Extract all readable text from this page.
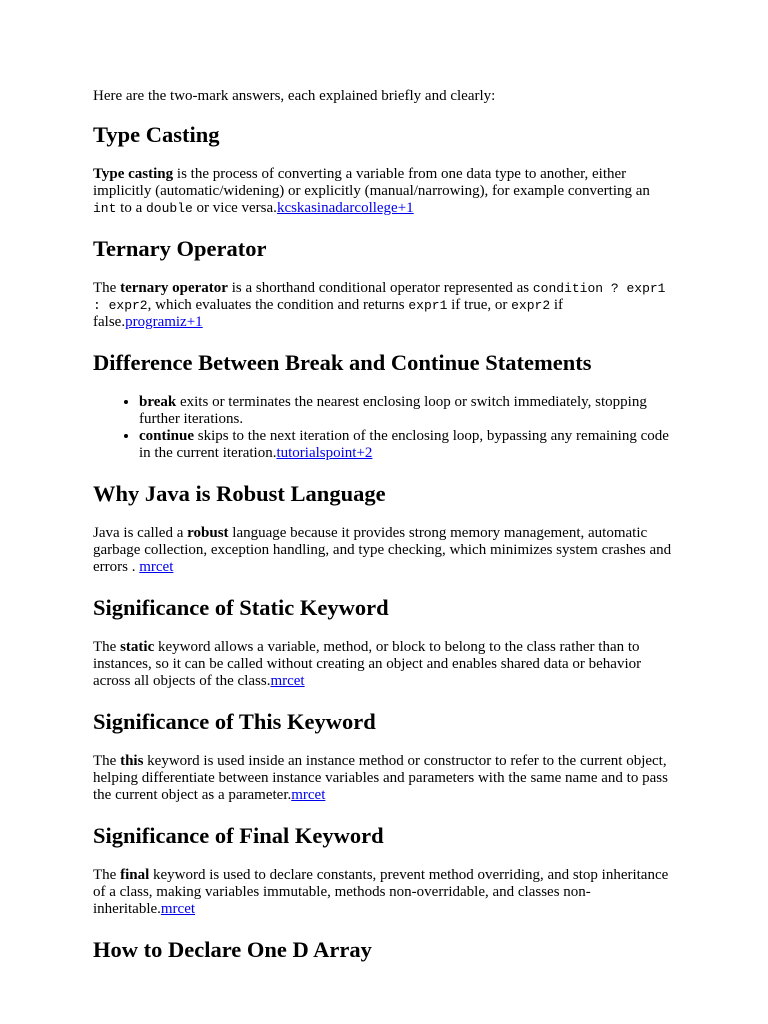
Here are the two-mark answers, each explained briefly and clearly:

Type Casting

Type casting is the process of converting a variable from one data type to another, either implicitly (automatic/widening) or explicitly (manual/narrowing), for example converting an int to a double or vice versa.kcskasinadarcollege+1

Ternary Operator

The ternary operator is a shorthand conditional operator represented as condition ? expr1 : expr2, which evaluates the condition and returns expr1 if true, or expr2 if false.programiz+1

Difference Between Break and Continue Statements
• break exits or terminates the nearest enclosing loop or switch immediately, stopping further iterations.
• continue skips to the next iteration of the enclosing loop, bypassing any remaining code in the current iteration.tutorialspoint+2
Why Java is Robust Language

Java is called a robust language because it provides strong memory management, automatic garbage collection, exception handling, and type checking, which minimizes system crashes and errors . mrcet

Significance of Static Keyword

The static keyword allows a variable, method, or block to belong to the class rather than to instances, so it can be called without creating an object and enables shared data or behavior across all objects of the class.mrcet

Significance of This Keyword

The this keyword is used inside an instance method or constructor to refer to the current object, helping differentiate between instance variables and parameters with the same name and to pass the current object as a parameter.mrcet

Significance of Final Keyword

The final keyword is used to declare constants, prevent method overriding, and stop inheritance of a class, making variables immutable, methods non-overridable, and classes non-inheritable.mrcet

How to Declare One D Array
